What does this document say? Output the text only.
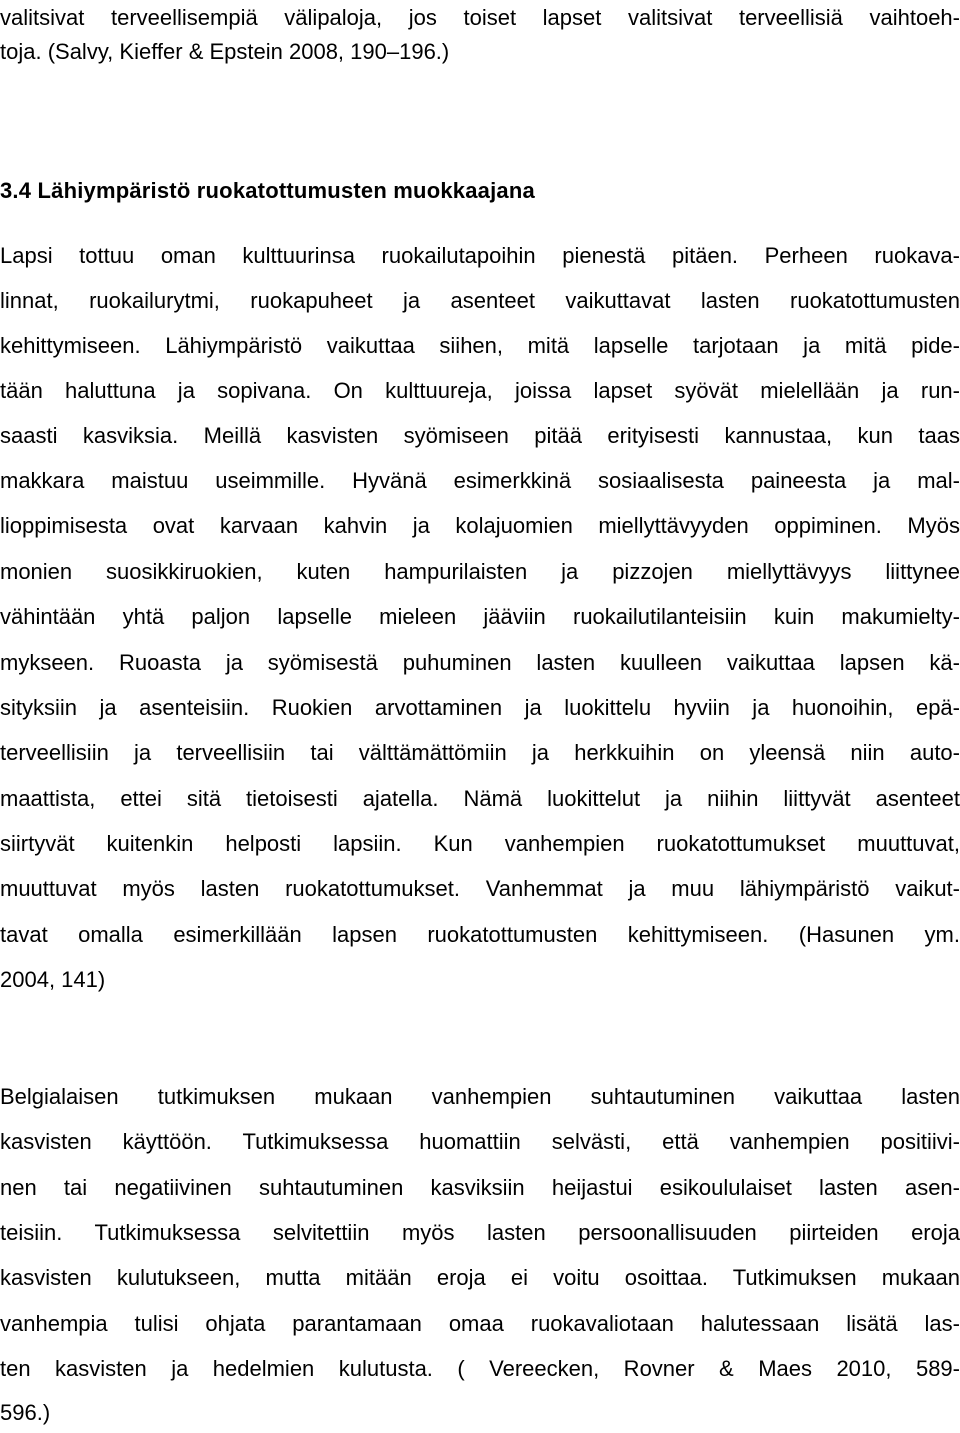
valitsivat terveellisempiä välipaloja, jos toiset lapset valitsivat terveellisiä vaihtoeh-
toja. (Salvy, Kieffer & Epstein 2008, 190–196.)
3.4 Lähiympäristö ruokatottumusten muokkaajana
Lapsi tottuu oman kulttuurinsa ruokailutapoihin pienestä pitäen. Perheen ruokava-
linnat, ruokailurytmi, ruokapuheet ja asenteet vaikuttavat lasten ruokatottumusten
kehittymiseen. Lähiympäristö vaikuttaa siihen, mitä lapselle tarjotaan ja mitä pide-
tään haluttuna ja sopivana. On kulttuureja, joissa lapset syövät mielellään ja run-
saasti kasviksia. Meillä kasvisten syömiseen pitää erityisesti kannustaa, kun taas
makkara maistuu useimmille. Hyvänä esimerkkinä sosiaalisesta paineesta ja mal-
lioppimisesta ovat karvaan kahvin ja kolajuomien miellyttävyyden oppiminen. Myös
monien suosikkiruokien, kuten hampurilaisten ja pizzojen miellyttävyys liittynee
vähintään yhtä paljon lapselle mieleen jääviin ruokailutilanteisiin kuin makumielty-
mykseen. Ruoasta ja syömisestä puhuminen lasten kuulleen vaikuttaa lapsen kä-
sityksiin ja asenteisiin. Ruokien arvottaminen ja luokittelu hyviin ja huonoihin, epä-
terveellisiin ja terveellisiin tai välttämättömiin ja herkkuihin on yleensä niin auto-
maattista, ettei sitä tietoisesti ajatella. Nämä luokittelut ja niihin liittyvät asenteet
siirtyvät kuitenkin helposti lapsiin. Kun vanhempien ruokatottumukset muuttuvat,
muuttuvat myös lasten ruokatottumukset. Vanhemmat ja muu lähiympäristö vaikut-
tavat omalla esimerkillään lapsen ruokatottumusten kehittymiseen. (Hasunen ym.
2004, 141)
Belgialaisen tutkimuksen mukaan vanhempien suhtautuminen vaikuttaa lasten
kasvisten käyttöön. Tutkimuksessa huomattiin selvästi, että vanhempien positiivi-
nen tai negatiivinen suhtautuminen kasviksiin heijastui esikoululaiset lasten asen-
teisiin. Tutkimuksessa selvitettiin myös lasten persoonallisuuden piirteiden eroja
kasvisten kulutukseen, mutta mitään eroja ei voitu osoittaa. Tutkimuksen mukaan
vanhempia tulisi ohjata parantamaan omaa ruokavaliotaan halutessaan lisätä las-
ten kasvisten ja hedelmien kulutusta. ( Vereecken, Rovner & Maes 2010, 589-
596.)
